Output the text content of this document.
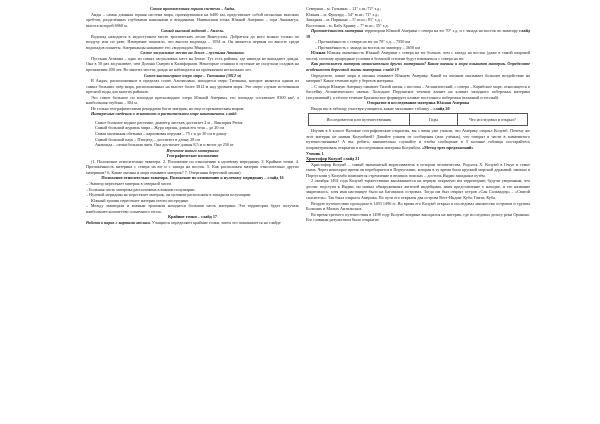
Самая протяженная горная система – Анды.

Анды – самая длинная горная система мира, протянувшаяся на 6400 км, представляет собой несколько высоких хребтов, разделённых глубокими каньонами и впадинами. Наивысшая точка Южной Америки – гора Аконкагуа, высота которой 6960 м.

Самый высокий водопад – Анхель.

Водопад находится в недоступном месте тропических лесов Венесуэлы. Добраться до него можно только по воздуху или по реке. Измерение показало, что высота водопада – 1054 м. Он является первым по высоте среди водопадов планеты. Американцы называют его «водопадом Эйнджел».

Самое засушливое место на Земле – пустыня Атакама.

Пустыня Атакама – одно из самых засушливых мест на Земле. Тут есть районы, где никогда не выпадают дожди. Она в 50 раз засушливее, чем Долина Смерти в Калифорнии. Некоторые станции в пустыне не получали осадков на протяжении 400 лет. Во многих местах дождь не наблюдался на протяжении нескольких лет.

Самое высокогорное озеро мира – Титикака (3812 м)

В Андах, расположенное в пределах плато Альтиплано, находится озеро Титикака, которое является одним из самых больших озёр мира, расположенных на высоте более 3812 м над уровнем моря. Это озеро служит источником пресной воды для многих районов.

Это самое большое по площади пресноводное озеро Южной Америки, его площадь составляет 8300 км², а наибольшая глубина – 304 м.

Не только географическими рекордами богат материк, но еще и органическим миром.

Интересные сведения о животном и растительном мире континента. слайд

Самое большое водное растение, диаметр листьев достигает 2 м – Виктория Регия
Самый большой журавль мира – Жура гарпия, длина его тела – до 20 см
Самая маленькая обезьяна – карликовая игрунка – 75 г и до 30 см в длину
Самый большой паук – Птицеед – достигает в длину 28 см
Анаконда – самая большая змея. Она достигает длины 8,5 м и весит до 250 кг

Изучение нового материала

Географическое положение

(1. Положение относительно экватора. 2. Положение по отношению к нулевому меридиану. 3. Крайние точки. 4. Протяжённость материка с севера на юг и с запада на восток. 5. Как расположен материк относительно других материков? 6. Какие океаны и моря омывают материк? 7. Очертания береговой линии)

Положение относительно экватора. Положение по отношению к нулевому меридиану – слайд 16

– Экватор пересекает материк в северной части.

– Большая часть материка расположена в южном полушарии.

– Нулевой меридиан не пересекает материк, он целиком расположен в западном полушарии.

Южный тропик пересекает материк почти посередине.

– Между экватором и южным тропиком находится большая часть материка. Эта территория будет получать наибольшее количество солнечного тепла.

Крайние точки – слайд 17

Работа в парах с картами атласа. Учащиеся определяют крайние точки, затем это показывается на слайде

Северная – м. Гальинас – 12° с.ш.;72° з.д.;

Южная – м. Фроуард – 54° ю.ш.; 71° з.д.;

Западная – м. Париньяс – 5° ю.ш.; 81° з.д.;

Восточная – м. Кабу Бранку – 7° ю.ш.; 35° з.д.

Протяжённость материка территории Южной Америки с севера на юг 70° з.д. и с запада на восток по экватору слайд 18

– Протяжённость с севера на юг по 70° з.д. – 7350 км

– Протяжённость с запада на восток по экватору – 3650 км

Южная Южная оконечность Южной Америки с севера на юг больше, чем с запада на восток (даже в самой широкой части), поэтому природные условия в большой степени будут изменяться с севера на юг.

Как расположен материк относительно других материков? Какие океаны и моря омывают материк. Определите особенности береговой линии материка. слайд 19

Определите, какие моря и океаны омывают Южную Америку. Какой из океанов оказывает большее воздействие на материк? Какое течение идёт у берегов материка.

– С запада Южную Америку омывает Тихий океан, с востока – Атлантический, с севера – Карибское море, относящееся к бассейну Атлантического океана. Холодное Перуанское течение влияет на климат западного побережья материка (засушливый), а тёплое течение Бразильское формирует климат восточного побережья (влажный и теплый).

Открытие и исследование материка Южная Америка

Вводя вас в таблицу участвуя учащиеся, какие заполняют таблицу – слайд 20

Исследователи или путешественник	Годы	Что исследовал и открыл?

Изучив в 6 классе Великие географические открытия, вы с вами уже узнали, что Америку открыл Колумб. Почему же этот материк не назван Колумбией? Давайте узнаем из сообщения (или учёных), что говорят в части в знаменитого путешественника? А вы, ребята, внимательно слушайте и чтобы сообщение в 3 колонке таблицы постарайтесь охарактеризовать открытия и исследования материка Колумбом. «Метод трех предложений»

Ученик 1

Христофор Колумб слайд 21

Христофор Колумб – самый знаменитый мореплаватель в истории человечества. Родился Х. Колумб в Генуе в семье ткача. Через некоторое время он перебирается в Португалию, которая в ту время была крупной морской державой, именно в Португалии у Колумба появляется стремление в великих поисках – достичь Индии западным путём.

2 октября 1492 года Колумб торжественно высаживается на первую открытую им территорию; будучи уверенным, что достиг подступа к Индии, он назвал обнаруженных жителей индейцами, имея представление о находке, и это название закрепилось, хотя имя настоящее было на Багамских островах. Тогда им был открыт остров «Сан Сальвадор» – «Святой спаситель». Так была открыта Америка. По пути его открыты два острова Вест-Индии: Куба, Гаити, Куба.

Вторую путешествие проходило в 1493 1496 гг. Во время его Колумб открыл и исследовал множество островов и группы Больших и Малых Антильских.

Во время третьего путешествия в 1498 году Колумб впервые высадился на материк, где исследовал дельту реки Ориноко. Его главным результатом было открытие
